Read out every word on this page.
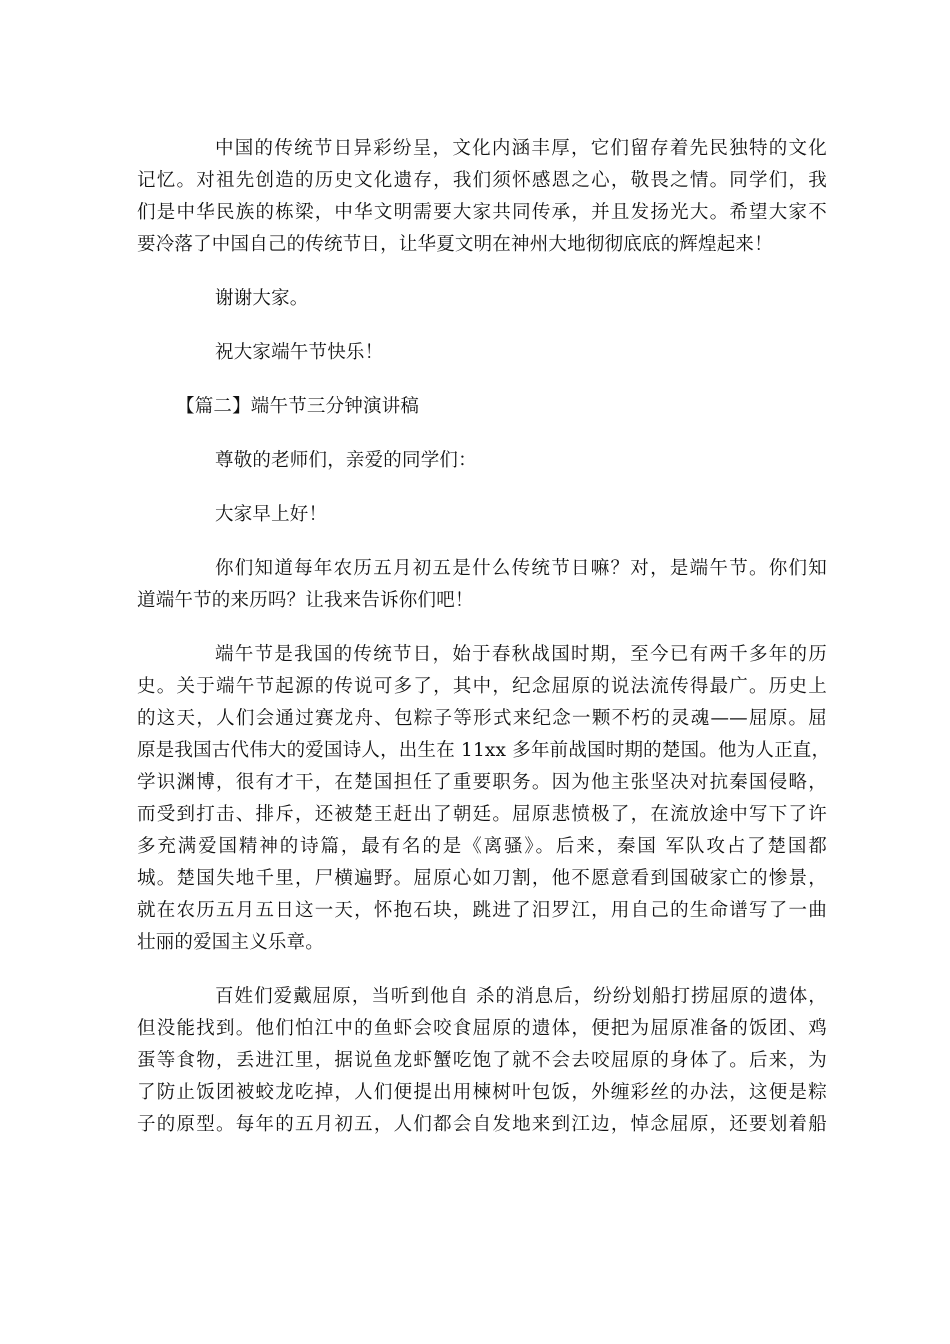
中国的传统节日异彩纷呈，文化内涵丰厚，它们留存着先民独特的文化
记忆。对祖先创造的历史文化遗存，我们须怀感恩之心，敬畏之情。同学们，我
们是中华民族的栋梁，中华文明需要大家共同传承，并且发扬光大。希望大家不
要冷落了中国自己的传统节日，让华夏文明在神州大地彻彻底底的辉煌起来！
谢谢大家。
祝大家端午节快乐！
【篇二】端午节三分钟演讲稿
尊敬的老师们，亲爱的同学们：
大家早上好！
你们知道每年农历五月初五是什么传统节日嘛？对，是端午节。你们知
道端午节的来历吗？让我来告诉你们吧！
端午节是我国的传统节日，始于春秋战国时期，至今已有两千多年的历
史。关于端午节起源的传说可多了，其中，纪念屈原的说法流传得最广。历史上
的这天，人们会通过赛龙舟、包粽子等形式来纪念一颗不朽的灵魂——屈原。屈
原是我国古代伟大的爱国诗人，出生在 11xx 多年前战国时期的楚国。他为人正直，
学识渊博，很有才干，在楚国担任了重要职务。因为他主张坚决对抗秦国侵略，
而受到打击、排斥，还被楚王赶出了朝廷。屈原悲愤极了，在流放途中写下了许
多充满爱国精神的诗篇，最有名的是《离骚》。后来，秦国 军队攻占了楚国都
城。楚国失地千里，尸横遍野。屈原心如刀割，他不愿意看到国破家亡的惨景，
就在农历五月五日这一天，怀抱石块，跳进了汨罗江，用自己的生命谱写了一曲
壮丽的爱国主义乐章。
百姓们爱戴屈原，当听到他自 杀的消息后，纷纷划船打捞屈原的遗体，
但没能找到。他们怕江中的鱼虾会咬食屈原的遗体，便把为屈原准备的饭团、鸡
蛋等食物，丢进江里，据说鱼龙虾蟹吃饱了就不会去咬屈原的身体了。后来，为
了防止饭团被蛟龙吃掉，人们便提出用楝树叶包饭，外缠彩丝的办法，这便是粽
子的原型。每年的五月初五，人们都会自发地来到江边，悼念屈原，还要划着船
